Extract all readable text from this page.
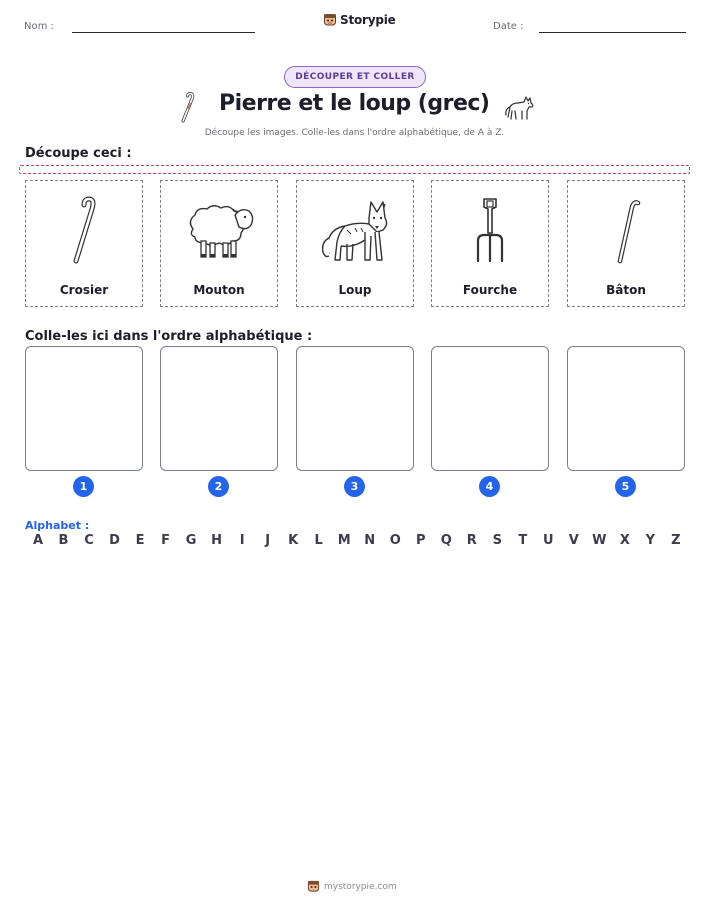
Nom :	Storypie	Date :
DÉCOUPER ET COLLER
Pierre et le loup (grec)
Découpe les images. Colle-les dans l'ordre alphabétique, de A à Z.
Découpe ceci :
Crosier	Mouton	Loup	Fourche	Bâton
Colle-les ici dans l'ordre alphabétique :
1	2	3	4	5
Alphabet :
A	B	C	D	E	F	G	H	I	J	K	L	M	N	O	P	Q	R	S	T	U	V	W	X	Y	Z
mystorypie.com
